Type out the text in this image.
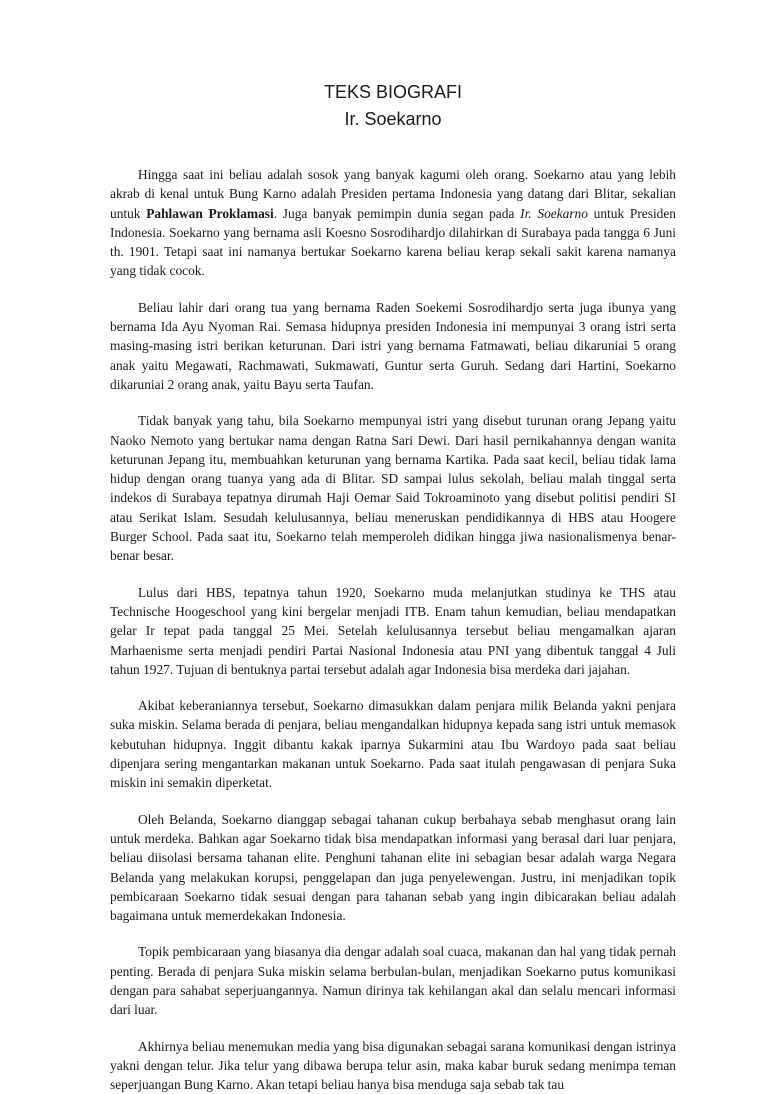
TEKS BIOGRAFI
Ir. Soekarno

Hingga saat ini beliau adalah sosok yang banyak kagumi oleh orang. Soekarno atau yang lebih akrab di kenal untuk Bung Karno adalah Presiden pertama Indonesia yang datang dari Blitar, sekalian untuk Pahlawan Proklamasi. Juga banyak pemimpin dunia segan pada Ir. Soekarno untuk Presiden Indonesia. Soekarno yang bernama asli Koesno Sosrodihardjo dilahirkan di Surabaya pada tangga 6 Juni th. 1901. Tetapi saat ini namanya bertukar Soekarno karena beliau kerap sekali sakit karena namanya yang tidak cocok.

Beliau lahir dari orang tua yang bernama Raden Soekemi Sosrodihardjo serta juga ibunya yang bernama Ida Ayu Nyoman Rai. Semasa hidupnya presiden Indonesia ini mempunyai 3 orang istri serta masing-masing istri berikan keturunan. Dari istri yang bernama Fatmawati, beliau dikaruniai 5 orang anak yaitu Megawati, Rachmawati, Sukmawati, Guntur serta Guruh. Sedang dari Hartini, Soekarno dikaruniai 2 orang anak, yaitu Bayu serta Taufan.

Tidak banyak yang tahu, bila Soekarno mempunyai istri yang disebut turunan orang Jepang yaitu Naoko Nemoto yang bertukar nama dengan Ratna Sari Dewi. Dari hasil pernikahannya dengan wanita keturunan Jepang itu, membuahkan keturunan yang bernama Kartika. Pada saat kecil, beliau tidak lama hidup dengan orang tuanya yang ada di Blitar. SD sampai lulus sekolah, beliau malah tinggal serta indekos di Surabaya tepatnya dirumah Haji Oemar Said Tokroaminoto yang disebut politisi pendiri SI atau Serikat Islam. Sesudah kelulusannya, beliau meneruskan pendidikannya di HBS atau Hoogere Burger School. Pada saat itu, Soekarno telah memperoleh didikan hingga jiwa nasionalismenya benar-benar besar.

Lulus dari HBS, tepatnya tahun 1920, Soekarno muda melanjutkan studinya ke THS atau Technische Hoogeschool yang kini bergelar menjadi ITB. Enam tahun kemudian, beliau mendapatkan gelar Ir tepat pada tanggal 25 Mei. Setelah kelulusannya tersebut beliau mengamalkan ajaran Marhaenisme serta menjadi pendiri Partai Nasional Indonesia atau PNI yang dibentuk tanggal 4 Juli tahun 1927. Tujuan di bentuknya partai tersebut adalah agar Indonesia bisa merdeka dari jajahan.

Akibat keberaniannya tersebut, Soekarno dimasukkan dalam penjara milik Belanda yakni penjara suka miskin. Selama berada di penjara, beliau mengandalkan hidupnya kepada sang istri untuk memasok kebutuhan hidupnya. Inggit dibantu kakak iparnya Sukarmini atau Ibu Wardoyo pada saat beliau dipenjara sering mengantarkan makanan untuk Soekarno. Pada saat itulah pengawasan di penjara Suka miskin ini semakin diperketat.

Oleh Belanda, Soekarno dianggap sebagai tahanan cukup berbahaya sebab menghasut orang lain untuk merdeka. Bahkan agar Soekarno tidak bisa mendapatkan informasi yang berasal dari luar penjara, beliau diisolasi bersama tahanan elite. Penghuni tahanan elite ini sebagian besar adalah warga Negara Belanda yang melakukan korupsi, penggelapan dan juga penyelewengan. Justru, ini menjadikan topik pembicaraan Soekarno tidak sesuai dengan para tahanan sebab yang ingin dibicarakan beliau adalah bagaimana untuk memerdekakan Indonesia.

Topik pembicaraan yang biasanya dia dengar adalah soal cuaca, makanan dan hal yang tidak pernah penting. Berada di penjara Suka miskin selama berbulan-bulan, menjadikan Soekarno putus komunikasi dengan para sahabat seperjuangannya. Namun dirinya tak kehilangan akal dan selalu mencari informasi dari luar.

Akhirnya beliau menemukan media yang bisa digunakan sebagai sarana komunikasi dengan istrinya yakni dengan telur. Jika telur yang dibawa berupa telur asin, maka kabar buruk sedang menimpa teman seperjuangan Bung Karno. Akan tetapi beliau hanya bisa menduga saja sebab tak tau
